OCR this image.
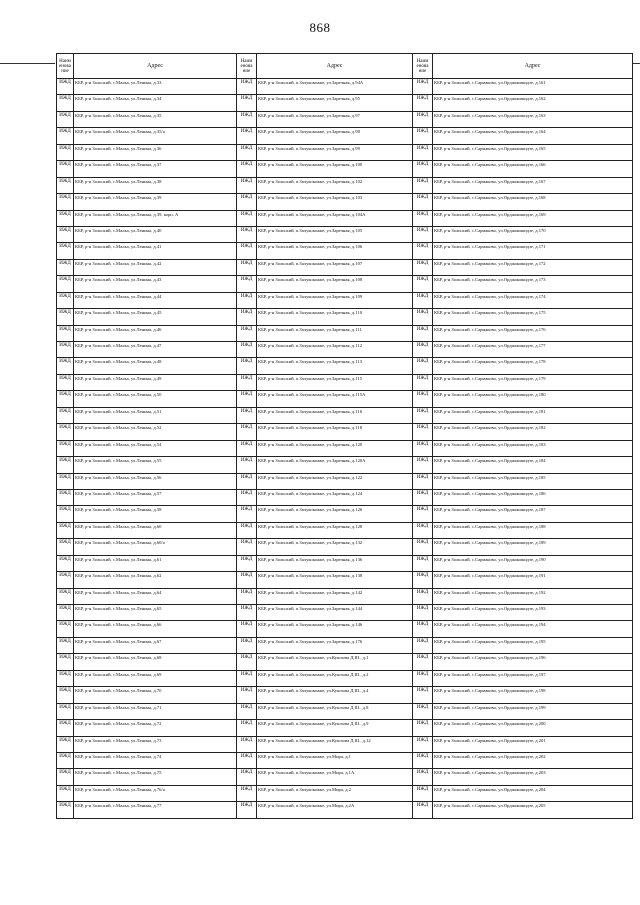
868
Наим енова ние	Адрес	Наим енова ние	Адрес	Наим енова ние	Адрес
ИЖД	КБР, р-н Зольский, с.Малка, ул.Ленина, д.33	ИЖД	КБР, р-н Зольский, п.Залукокоаже, ул.Заречная, д.94А	ИЖД	КБР, р-н Зольский, с.Сармаково, ул.Орджоникидзе, д.161
ИЖД	КБР, р-н Зольский, с.Малка, ул.Ленина, д.34	ИЖД	КБР, р-н Зольский, п.Залукокоаже, ул.Заречная, д.95	ИЖД	КБР, р-н Зольский, с.Сармаково, ул.Орджоникидзе, д.162
ИЖД	КБР, р-н Зольский, с.Малка, ул.Ленина, д.35	ИЖД	КБР, р-н Зольский, п.Залукокоаже, ул.Заречная, д.97	ИЖД	КБР, р-н Зольский, с.Сармаково, ул.Орджоникидзе, д.163
ИЖД	КБР, р-н Зольский, с.Малка, ул.Ленина, д.35/а	ИЖД	КБР, р-н Зольский, п.Залукокоаже, ул.Заречная, д.98	ИЖД	КБР, р-н Зольский, с.Сармаково, ул.Орджоникидзе, д.164
ИЖД	КБР, р-н Зольский, с.Малка, ул.Ленина, д.36	ИЖД	КБР, р-н Зольский, п.Залукокоаже, ул.Заречная, д.99	ИЖД	КБР, р-н Зольский, с.Сармаково, ул.Орджоникидзе, д.165
ИЖД	КБР, р-н Зольский, с.Малка, ул.Ленина, д.37	ИЖД	КБР, р-н Зольский, п.Залукокоаже, ул.Заречная, д.100	ИЖД	КБР, р-н Зольский, с.Сармаково, ул.Орджоникидзе, д.166
ИЖД	КБР, р-н Зольский, с.Малка, ул.Ленина, д.38	ИЖД	КБР, р-н Зольский, п.Залукокоаже, ул.Заречная, д.102	ИЖД	КБР, р-н Зольский, с.Сармаково, ул.Орджоникидзе, д.167
ИЖД	КБР, р-н Зольский, с.Малка, ул.Ленина, д.39	ИЖД	КБР, р-н Зольский, п.Залукокоаже, ул.Заречная, д.103	ИЖД	КБР, р-н Зольский, с.Сармаково, ул.Орджоникидзе, д.168
ИЖД	КБР, р-н Зольский, с.Малка, ул.Ленина, д.39, корп. А	ИЖД	КБР, р-н Зольский, п.Залукокоаже, ул.Заречная, д.104А	ИЖД	КБР, р-н Зольский, с.Сармаково, ул.Орджоникидзе, д.169
ИЖД	КБР, р-н Зольский, с.Малка, ул.Ленина, д.40	ИЖД	КБР, р-н Зольский, п.Залукокоаже, ул.Заречная, д.105	ИЖД	КБР, р-н Зольский, с.Сармаково, ул.Орджоникидзе, д.170
ИЖД	КБР, р-н Зольский, с.Малка, ул.Ленина, д.41	ИЖД	КБР, р-н Зольский, п.Залукокоаже, ул.Заречная, д.106	ИЖД	КБР, р-н Зольский, с.Сармаково, ул.Орджоникидзе, д.171
ИЖД	КБР, р-н Зольский, с.Малка, ул.Ленина, д.42	ИЖД	КБР, р-н Зольский, п.Залукокоаже, ул.Заречная, д.107	ИЖД	КБР, р-н Зольский, с.Сармаково, ул.Орджоникидзе, д.172
ИЖД	КБР, р-н Зольский, с.Малка, ул.Ленина, д.43	ИЖД	КБР, р-н Зольский, п.Залукокоаже, ул.Заречная, д.108	ИЖД	КБР, р-н Зольский, с.Сармаково, ул.Орджоникидзе, д.173
ИЖД	КБР, р-н Зольский, с.Малка, ул.Ленина, д.44	ИЖД	КБР, р-н Зольский, п.Залукокоаже, ул.Заречная, д.109	ИЖД	КБР, р-н Зольский, с.Сармаково, ул.Орджоникидзе, д.174
ИЖД	КБР, р-н Зольский, с.Малка, ул.Ленина, д.45	ИЖД	КБР, р-н Зольский, п.Залукокоаже, ул.Заречная, д.110	ИЖД	КБР, р-н Зольский, с.Сармаково, ул.Орджоникидзе, д.175
ИЖД	КБР, р-н Зольский, с.Малка, ул.Ленина, д.46	ИЖД	КБР, р-н Зольский, п.Залукокоаже, ул.Заречная, д.111	ИЖД	КБР, р-н Зольский, с.Сармаково, ул.Орджоникидзе, д.176
ИЖД	КБР, р-н Зольский, с.Малка, ул.Ленина, д.47	ИЖД	КБР, р-н Зольский, п.Залукокоаже, ул.Заречная, д.112	ИЖД	КБР, р-н Зольский, с.Сармаково, ул.Орджоникидзе, д.177
ИЖД	КБР, р-н Зольский, с.Малка, ул.Ленина, д.48	ИЖД	КБР, р-н Зольский, п.Залукокоаже, ул.Заречная, д.113	ИЖД	КБР, р-н Зольский, с.Сармаково, ул.Орджоникидзе, д.178
ИЖД	КБР, р-н Зольский, с.Малка, ул.Ленина, д.49	ИЖД	КБР, р-н Зольский, п.Залукокоаже, ул.Заречная, д.115	ИЖД	КБР, р-н Зольский, с.Сармаково, ул.Орджоникидзе, д.179
ИЖД	КБР, р-н Зольский, с.Малка, ул.Ленина, д.50	ИЖД	КБР, р-н Зольский, п.Залукокоаже, ул.Заречная, д.115А	ИЖД	КБР, р-н Зольский, с.Сармаково, ул.Орджоникидзе, д.180
ИЖД	КБР, р-н Зольский, с.Малка, ул.Ленина, д.51	ИЖД	КБР, р-н Зольский, п.Залукокоаже, ул.Заречная, д.116	ИЖД	КБР, р-н Зольский, с.Сармаково, ул.Орджоникидзе, д.181
ИЖД	КБР, р-н Зольский, с.Малка, ул.Ленина, д.52	ИЖД	КБР, р-н Зольский, п.Залукокоаже, ул.Заречная, д.118	ИЖД	КБР, р-н Зольский, с.Сармаково, ул.Орджоникидзе, д.182
ИЖД	КБР, р-н Зольский, с.Малка, ул.Ленина, д.54	ИЖД	КБР, р-н Зольский, п.Залукокоаже, ул.Заречная, д.120	ИЖД	КБР, р-н Зольский, с.Сармаково, ул.Орджоникидзе, д.183
ИЖД	КБР, р-н Зольский, с.Малка, ул.Ленина, д.55	ИЖД	КБР, р-н Зольский, п.Залукокоаже, ул.Заречная, д.120А	ИЖД	КБР, р-н Зольский, с.Сармаково, ул.Орджоникидзе, д.184
ИЖД	КБР, р-н Зольский, с.Малка, ул.Ленина, д.56	ИЖД	КБР, р-н Зольский, п.Залукокоаже, ул.Заречная, д.122	ИЖД	КБР, р-н Зольский, с.Сармаково, ул.Орджоникидзе, д.185
ИЖД	КБР, р-н Зольский, с.Малка, ул.Ленина, д.57	ИЖД	КБР, р-н Зольский, п.Залукокоаже, ул.Заречная, д.124	ИЖД	КБР, р-н Зольский, с.Сармаково, ул.Орджоникидзе, д.186
ИЖД	КБР, р-н Зольский, с.Малка, ул.Ленина, д.58	ИЖД	КБР, р-н Зольский, п.Залукокоаже, ул.Заречная, д.126	ИЖД	КБР, р-н Зольский, с.Сармаково, ул.Орджоникидзе, д.187
ИЖД	КБР, р-н Зольский, с.Малка, ул.Ленина, д.60	ИЖД	КБР, р-н Зольский, п.Залукокоаже, ул.Заречная, д.128	ИЖД	КБР, р-н Зольский, с.Сармаково, ул.Орджоникидзе, д.188
ИЖД	КБР, р-н Зольский, с.Малка, ул.Ленина, д.60/а	ИЖД	КБР, р-н Зольский, п.Залукокоаже, ул.Заречная, д.132	ИЖД	КБР, р-н Зольский, с.Сармаково, ул.Орджоникидзе, д.189
ИЖД	КБР, р-н Зольский, с.Малка, ул.Ленина, д.61	ИЖД	КБР, р-н Зольский, п.Залукокоаже, ул.Заречная, д.136	ИЖД	КБР, р-н Зольский, с.Сармаково, ул.Орджоникидзе, д.190
ИЖД	КБР, р-н Зольский, с.Малка, ул.Ленина, д.62	ИЖД	КБР, р-н Зольский, п.Залукокоаже, ул.Заречная, д.138	ИЖД	КБР, р-н Зольский, с.Сармаково, ул.Орджоникидзе, д.191
ИЖД	КБР, р-н Зольский, с.Малка, ул.Ленина, д.64	ИЖД	КБР, р-н Зольский, п.Залукокоаже, ул.Заречная, д.142	ИЖД	КБР, р-н Зольский, с.Сармаково, ул.Орджоникидзе, д.192
ИЖД	КБР, р-н Зольский, с.Малка, ул.Ленина, д.65	ИЖД	КБР, р-н Зольский, п.Залукокоаже, ул.Заречная, д.144	ИЖД	КБР, р-н Зольский, с.Сармаково, ул.Орджоникидзе, д.193
ИЖД	КБР, р-н Зольский, с.Малка, ул.Ленина, д.66	ИЖД	КБР, р-н Зольский, п.Залукокоаже, ул.Заречная, д.146	ИЖД	КБР, р-н Зольский, с.Сармаково, ул.Орджоникидзе, д.194
ИЖД	КБР, р-н Зольский, с.Малка, ул.Ленина, д.67	ИЖД	КБР, р-н Зольский, п.Залукокоаже, ул.Заречная, д.176	ИЖД	КБР, р-н Зольский, с.Сармаково, ул.Орджоникидзе, д.195
ИЖД	КБР, р-н Зольский, с.Малка, ул.Ленина, д.68	ИЖД	КБР, р-н Зольский, п.Залукокоаже, ул.Кушхова Д.Ш., д.1	ИЖД	КБР, р-н Зольский, с.Сармаково, ул.Орджоникидзе, д.196
ИЖД	КБР, р-н Зольский, с.Малка, ул.Ленина, д.69	ИЖД	КБР, р-н Зольский, п.Залукокоаже, ул.Кушхова Д.Ш., д.2	ИЖД	КБР, р-н Зольский, с.Сармаково, ул.Орджоникидзе, д.197
ИЖД	КБР, р-н Зольский, с.Малка, ул.Ленина, д.70	ИЖД	КБР, р-н Зольский, п.Залукокоаже, ул.Кушхова Д.Ш., д.4	ИЖД	КБР, р-н Зольский, с.Сармаково, ул.Орджоникидзе, д.198
ИЖД	КБР, р-н Зольский, с.Малка, ул.Ленина, д.71	ИЖД	КБР, р-н Зольский, п.Залукокоаже, ул.Кушхова Д.Ш., д.8	ИЖД	КБР, р-н Зольский, с.Сармаково, ул.Орджоникидзе, д.199
ИЖД	КБР, р-н Зольский, с.Малка, ул.Ленина, д.72	ИЖД	КБР, р-н Зольский, п.Залукокоаже, ул.Кушхова Д.Ш., д.9	ИЖД	КБР, р-н Зольский, с.Сармаково, ул.Орджоникидзе, д.200
ИЖД	КБР, р-н Зольский, с.Малка, ул.Ленина, д.73	ИЖД	КБР, р-н Зольский, п.Залукокоаже, ул.Кушхова Д.Ш., д.12	ИЖД	КБР, р-н Зольский, с.Сармаково, ул.Орджоникидзе, д.201
ИЖД	КБР, р-н Зольский, с.Малка, ул.Ленина, д.74	ИЖД	КБР, р-н Зольский, п.Залукокоаже, ул.Мира, д.1	ИЖД	КБР, р-н Зольский, с.Сармаково, ул.Орджоникидзе, д.202
ИЖД	КБР, р-н Зольский, с.Малка, ул.Ленина, д.75	ИЖД	КБР, р-н Зольский, п.Залукокоаже, ул.Мира, д.1А	ИЖД	КБР, р-н Зольский, с.Сармаково, ул.Орджоникидзе, д.203
ИЖД	КБР, р-н Зольский, с.Малка, ул.Ленина, д.76/а	ИЖД	КБР, р-н Зольский, п.Залукокоаже, ул.Мира, д.2	ИЖД	КБР, р-н Зольский, с.Сармаково, ул.Орджоникидзе, д.204
ИЖД	КБР, р-н Зольский, с.Малка, ул.Ленина, д.77	ИЖД	КБР, р-н Зольский, п.Залукокоаже, ул.Мира, д.2А	ИЖД	КБР, р-н Зольский, с.Сармаково, ул.Орджоникидзе, д.205
